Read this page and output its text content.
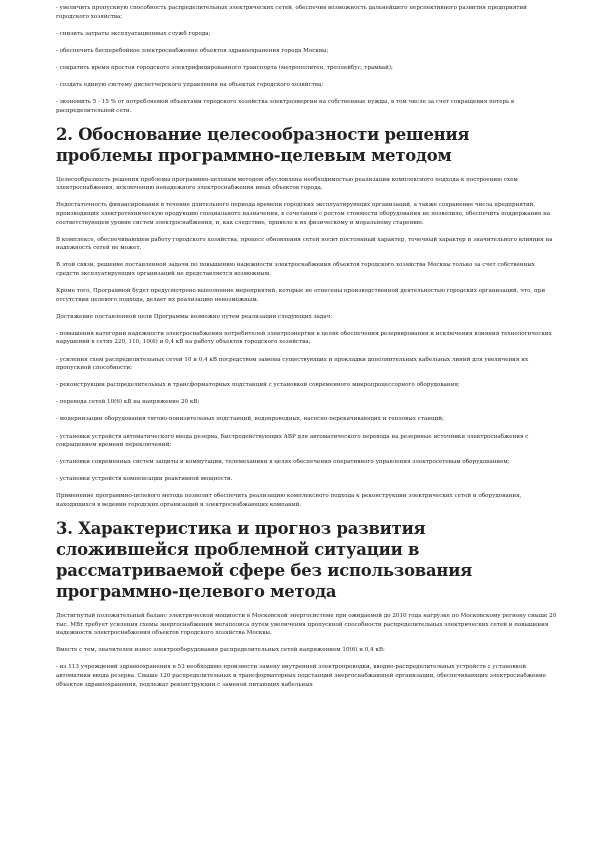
- увеличить пропускную способность распределительных электрических сетей, обеспечив возможность дальнейшего перспективного развития предприятий городского хозяйства;

- снизить затраты эксплуатационных служб города;

- обеспечить бесперебойное электроснабжение объектов здравоохранения города Москвы;

- сократить время простоя городского электрифицированного транспорта (метрополитен, троллейбус, трамвай);

- создать единую систему диспетчерского управления на объектах городского хозяйства;

- экономить 5 - 15 % от потребляемой объектами городского хозяйства электроэнергии на собственные нужды, в том числе за счет сокращения потерь в распределительной сети.

2. Обоснование целесообразности решения проблемы программно-целевым методом

Целесообразность решения проблемы программно-целевым методом обусловлена необходимостью реализации комплексного подхода к построению схем электроснабжения, исключению ненадежного электроснабжения иных объектов города.

Недостаточность финансирования в течение длительного периода времени городских эксплуатирующих организаций, а также сохранение числа предприятий, производящих электротехническую продукцию специального назначения, в сочетании с ростом стоимости оборудования не позволило, обеспечить поддержание на соответствующем уровне систем электроснабжения, и, как следствие, привело к их физическому и моральному старению.

В комплексе, обеспечивающем работу городского хозяйства, процесс обновления сетей носит постоянный характер, точечный характер и значительного влияния на надежность сетей не может.

В этой связи, решение поставленной задачи по повышению надежности электроснабжения объектов городского хозяйства Москвы только за счет собственных средств эксплуатирующих организаций не представляется возможным.

Кроме того, Программой будет предусмотрено выполнение мероприятий, которые не отнесены производственной деятельностью городских организаций, что, при отсутствии целевого подхода, делает их реализацию невозможным.

Достижение поставленной цели Программы возможно путем реализации следующих задач:

- повышения категории надежности электроснабжения потребителей электроэнергии в целях обеспечения резервирования и исключения влияния технологических нарушений в сетях 220, 110, 10(6) и 0,4 кВ на работу объектов городского хозяйства;

- усиления схем распределительных сетей 10 и 0,4 кВ посредством замены существующих и прокладки дополнительных кабельных линий для увеличения их пропускной способности;

- реконструкции распределительных и трансформаторных подстанций с установкой современного микропроцессорного оборудования;

- перевода сетей 10(6) кВ на напряжение 20 кВ;

- модернизации оборудования тягово-понизительных подстанций, водопроводных, насосно-перекачивающих и тепловых станций;

- установки устройств автоматического ввода резерва, быстродействующих АВР для автоматического перевода на резервные источники электроснабжения с сокращением времени переключений;

- установки современных систем защиты и коммутации, телемеханики в целях обеспечения оперативного управления электросетевым оборудованием;

- установки устройств компенсации реактивной мощности.

Применение программно-целевого метода позволит обеспечить реализацию комплексного подхода к реконструкции электрических сетей и оборудования, находящихся в ведении городских организаций и электроснабжающих компаний.

3. Характеристика и прогноз развития сложившейся проблемной ситуации в рассматриваемой сфере без использования программно-целевого метода

Достигнутый положительный баланс электрической мощности в Московской энергосистеме при ожидаемой до 2010 года нагрузке по Московскому региону свыше 20 тыс. МВт требует усиления схемы энергоснабжения мегаполиса путем увеличения пропускной способности распределительных электрических сетей и повышения надежности электроснабжения объектов городского хозяйства Москвы.

Вместе с тем, значителен износ электрооборудования распределительных сетей напряжением 10(6) и 0,4 кВ:

- из 113 учреждений здравоохранения в 53 необходимо произвести замену внутренней электропроводки, вводно-распределительных устройств с установкой автоматики ввода резерва. Свыше 120 распределительных и трансформаторных подстанций энергоснабжающей организации, обеспечивающих электроснабжение объектов здравоохранения, подлежат реконструкции с заменой питающих кабельных
